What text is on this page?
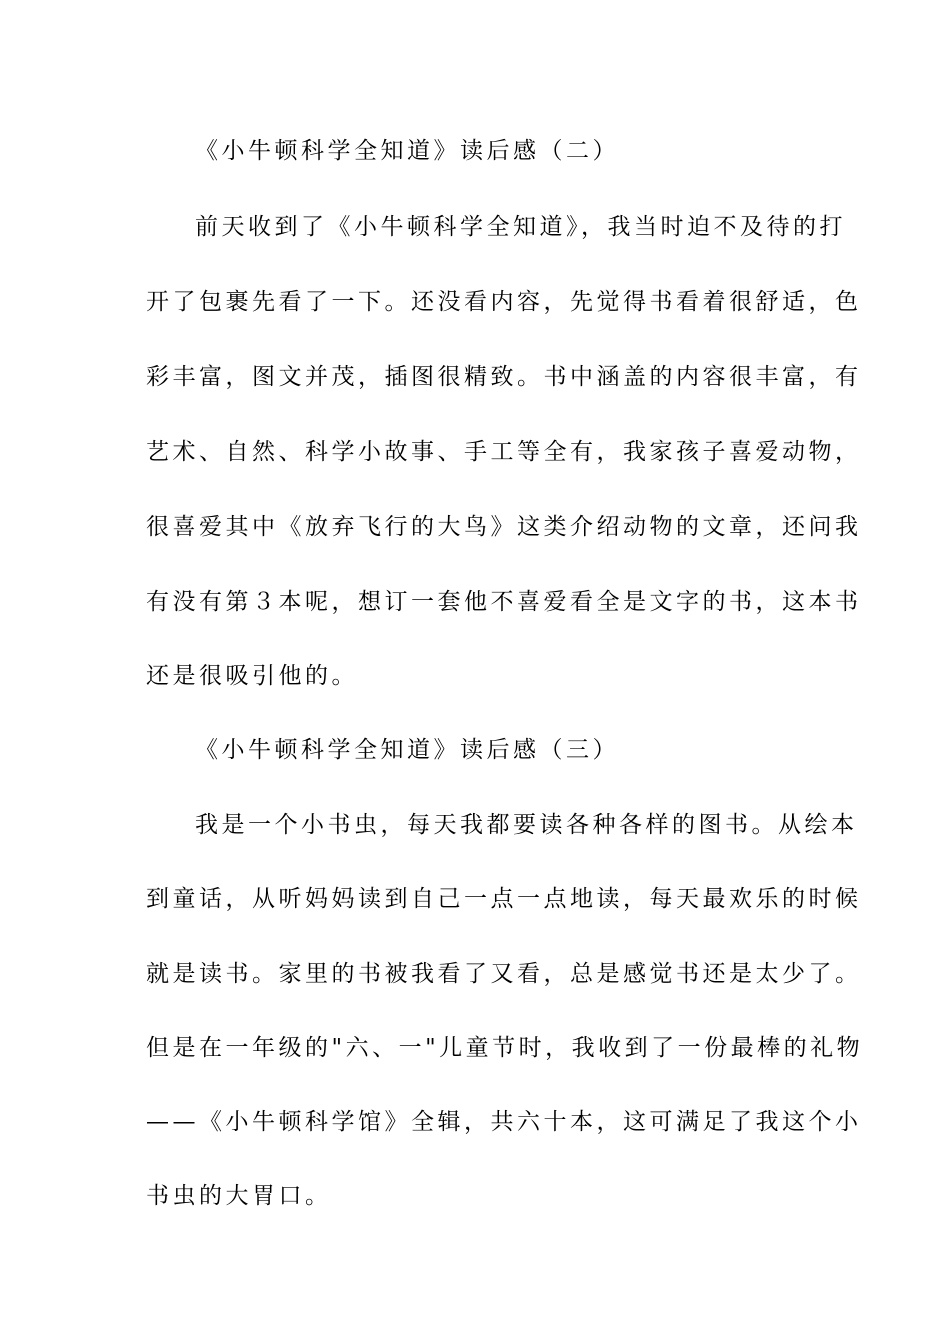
《小牛顿科学全知道》读后感（二）
前天收到了《小牛顿科学全知道》，我当时迫不及待的打
开了包裹先看了一下。还没看内容，先觉得书看着很舒适，色
彩丰富，图文并茂，插图很精致。书中涵盖的内容很丰富，有
艺术、自然、科学小故事、手工等全有，我家孩子喜爱动物，
很喜爱其中《放弃飞行的大鸟》这类介绍动物的文章，还问我
有没有第３本呢，想订一套他不喜爱看全是文字的书，这本书
还是很吸引他的。
《小牛顿科学全知道》读后感（三）
我是一个小书虫，每天我都要读各种各样的图书。从绘本
到童话，从听妈妈读到自己一点一点地读，每天最欢乐的时候
就是读书。家里的书被我看了又看，总是感觉书还是太少了。
但是在一年级的"六、一"儿童节时，我收到了一份最棒的礼物
——《小牛顿科学馆》全辑，共六十本，这可满足了我这个小
书虫的大胃口。
